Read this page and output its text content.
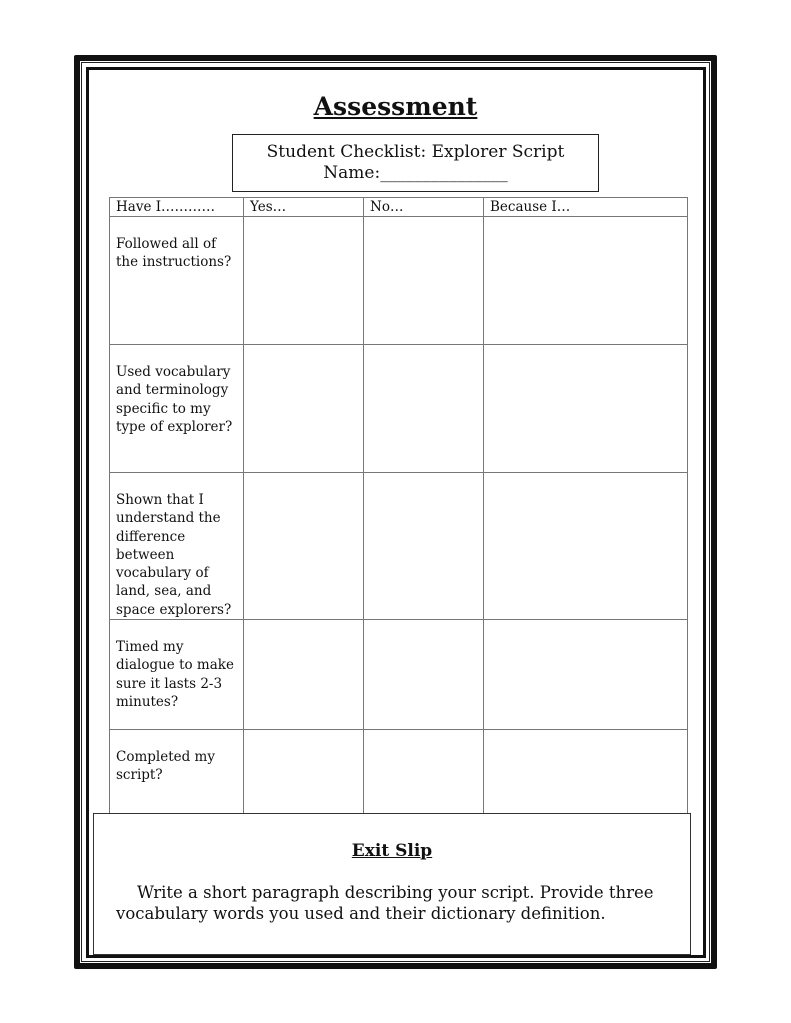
Assessment
Student Checklist: Explorer Script
Name:_______________
Have I…………	Yes…	No…	Because I…
Followed all of the instructions?			
Used vocabulary and terminology specific to my type of explorer?			
Shown that I understand the difference between vocabulary of land, sea, and space explorers?			
Timed my dialogue to make sure it lasts 2-3 minutes?			
Completed my script?			
Exit Slip
Write a short paragraph describing your script. Provide three vocabulary words you used and their dictionary definition.
